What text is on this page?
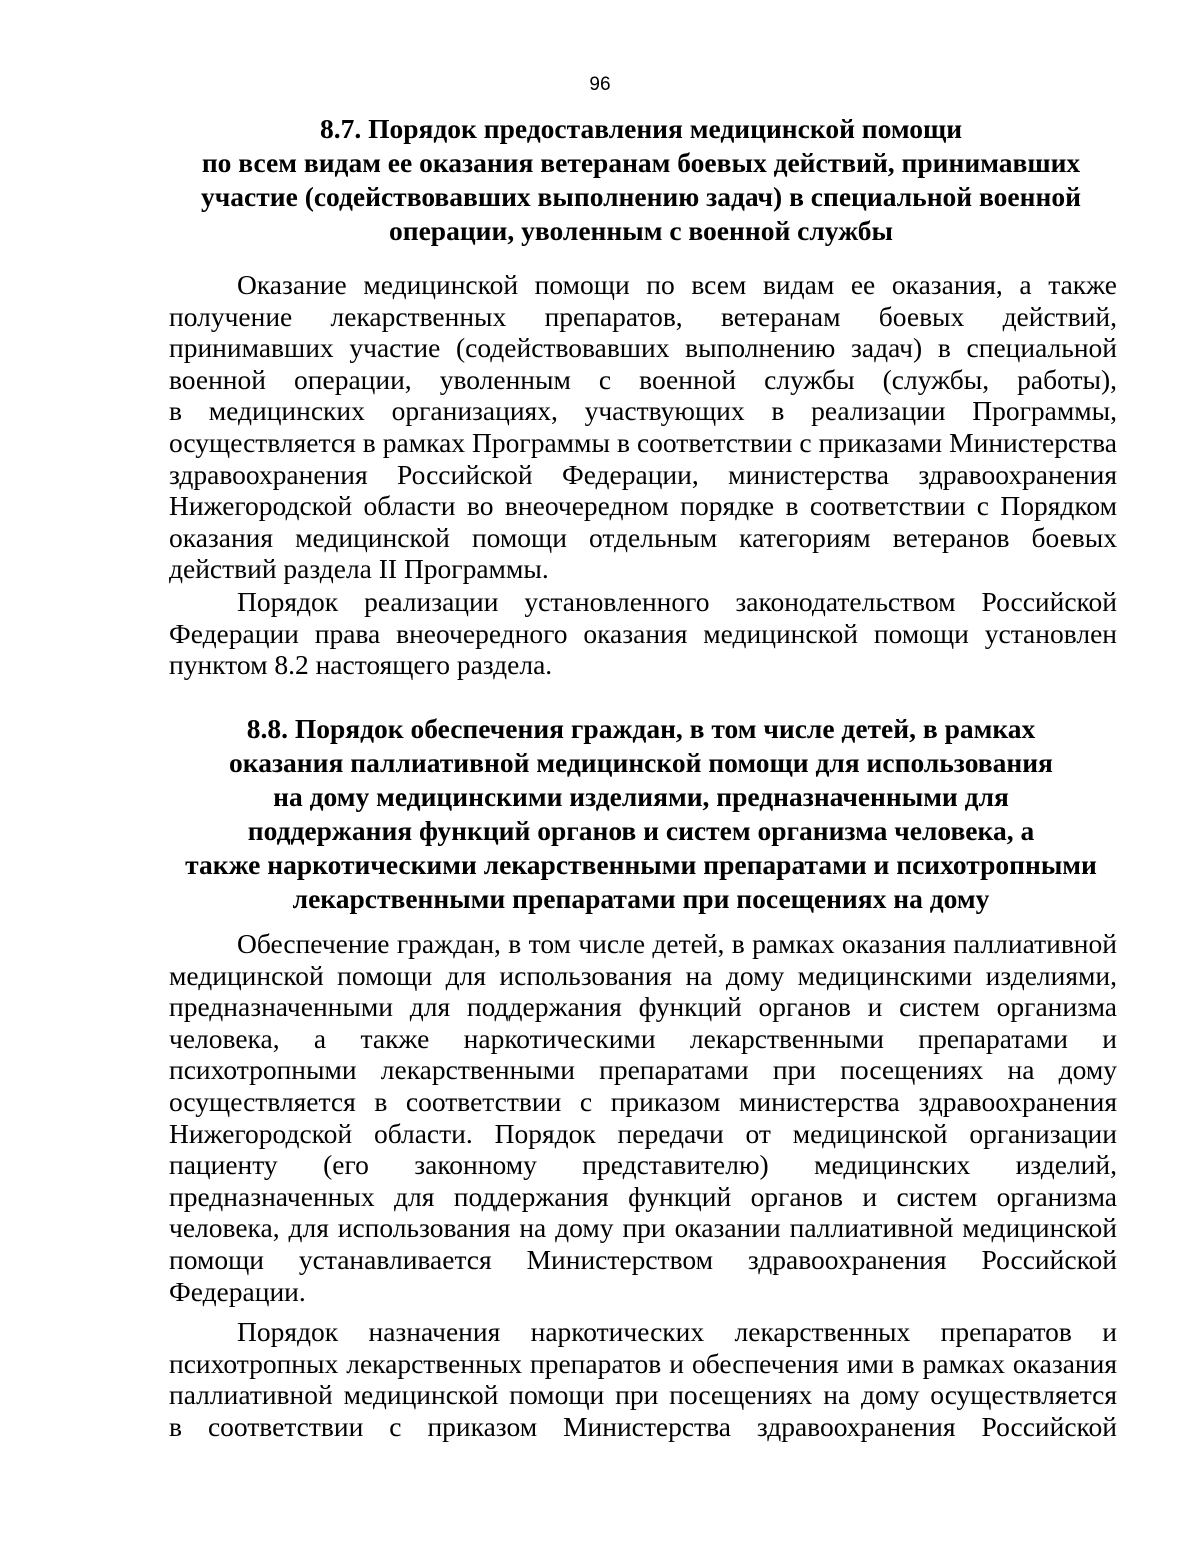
96
8.7. Порядок предоставления медицинской помощи
по всем видам ее оказания ветеранам боевых действий, принимавших
участие (содействовавших выполнению задач) в специальной военной
операции, уволенным с военной службы

Оказание медицинской помощи по всем видам ее оказания, а также
получение лекарственных препаратов, ветеранам боевых действий,
принимавших участие (содействовавших выполнению задач) в специальной
военной операции, уволенным с военной службы (службы, работы),
в медицинских организациях, участвующих в реализации Программы,
осуществляется в рамках Программы в соответствии с приказами Министерства
здравоохранения Российской Федерации, министерства здравоохранения
Нижегородской области во внеочередном порядке в соответствии с Порядком
оказания медицинской помощи отдельным категориям ветеранов боевых
действий раздела II Программы.

Порядок реализации установленного законодательством Российской
Федерации права внеочередного оказания медицинской помощи установлен
пунктом 8.2 настоящего раздела.

8.8. Порядок обеспечения граждан, в том числе детей, в рамках
оказания паллиативной медицинской помощи для использования
на дому медицинскими изделиями, предназначенными для
поддержания функций органов и систем организма человека, а
также наркотическими лекарственными препаратами и психотропными
лекарственными препаратами при посещениях на дому

Обеспечение граждан, в том числе детей, в рамках оказания паллиативной
медицинской помощи для использования на дому медицинскими изделиями,
предназначенными для поддержания функций органов и систем организма
человека, а также наркотическими лекарственными препаратами и
психотропными лекарственными препаратами при посещениях на дому
осуществляется в соответствии с приказом министерства здравоохранения
Нижегородской области. Порядок передачи от медицинской организации
пациенту (его законному представителю) медицинских изделий,
предназначенных для поддержания функций органов и систем организма
человека, для использования на дому при оказании паллиативной медицинской
помощи устанавливается Министерством здравоохранения Российской
Федерации.

Порядок назначения наркотических лекарственных препаратов и
психотропных лекарственных препаратов и обеспечения ими в рамках оказания
паллиативной медицинской помощи при посещениях на дому осуществляется
в соответствии с приказом Министерства здравоохранения Российской
